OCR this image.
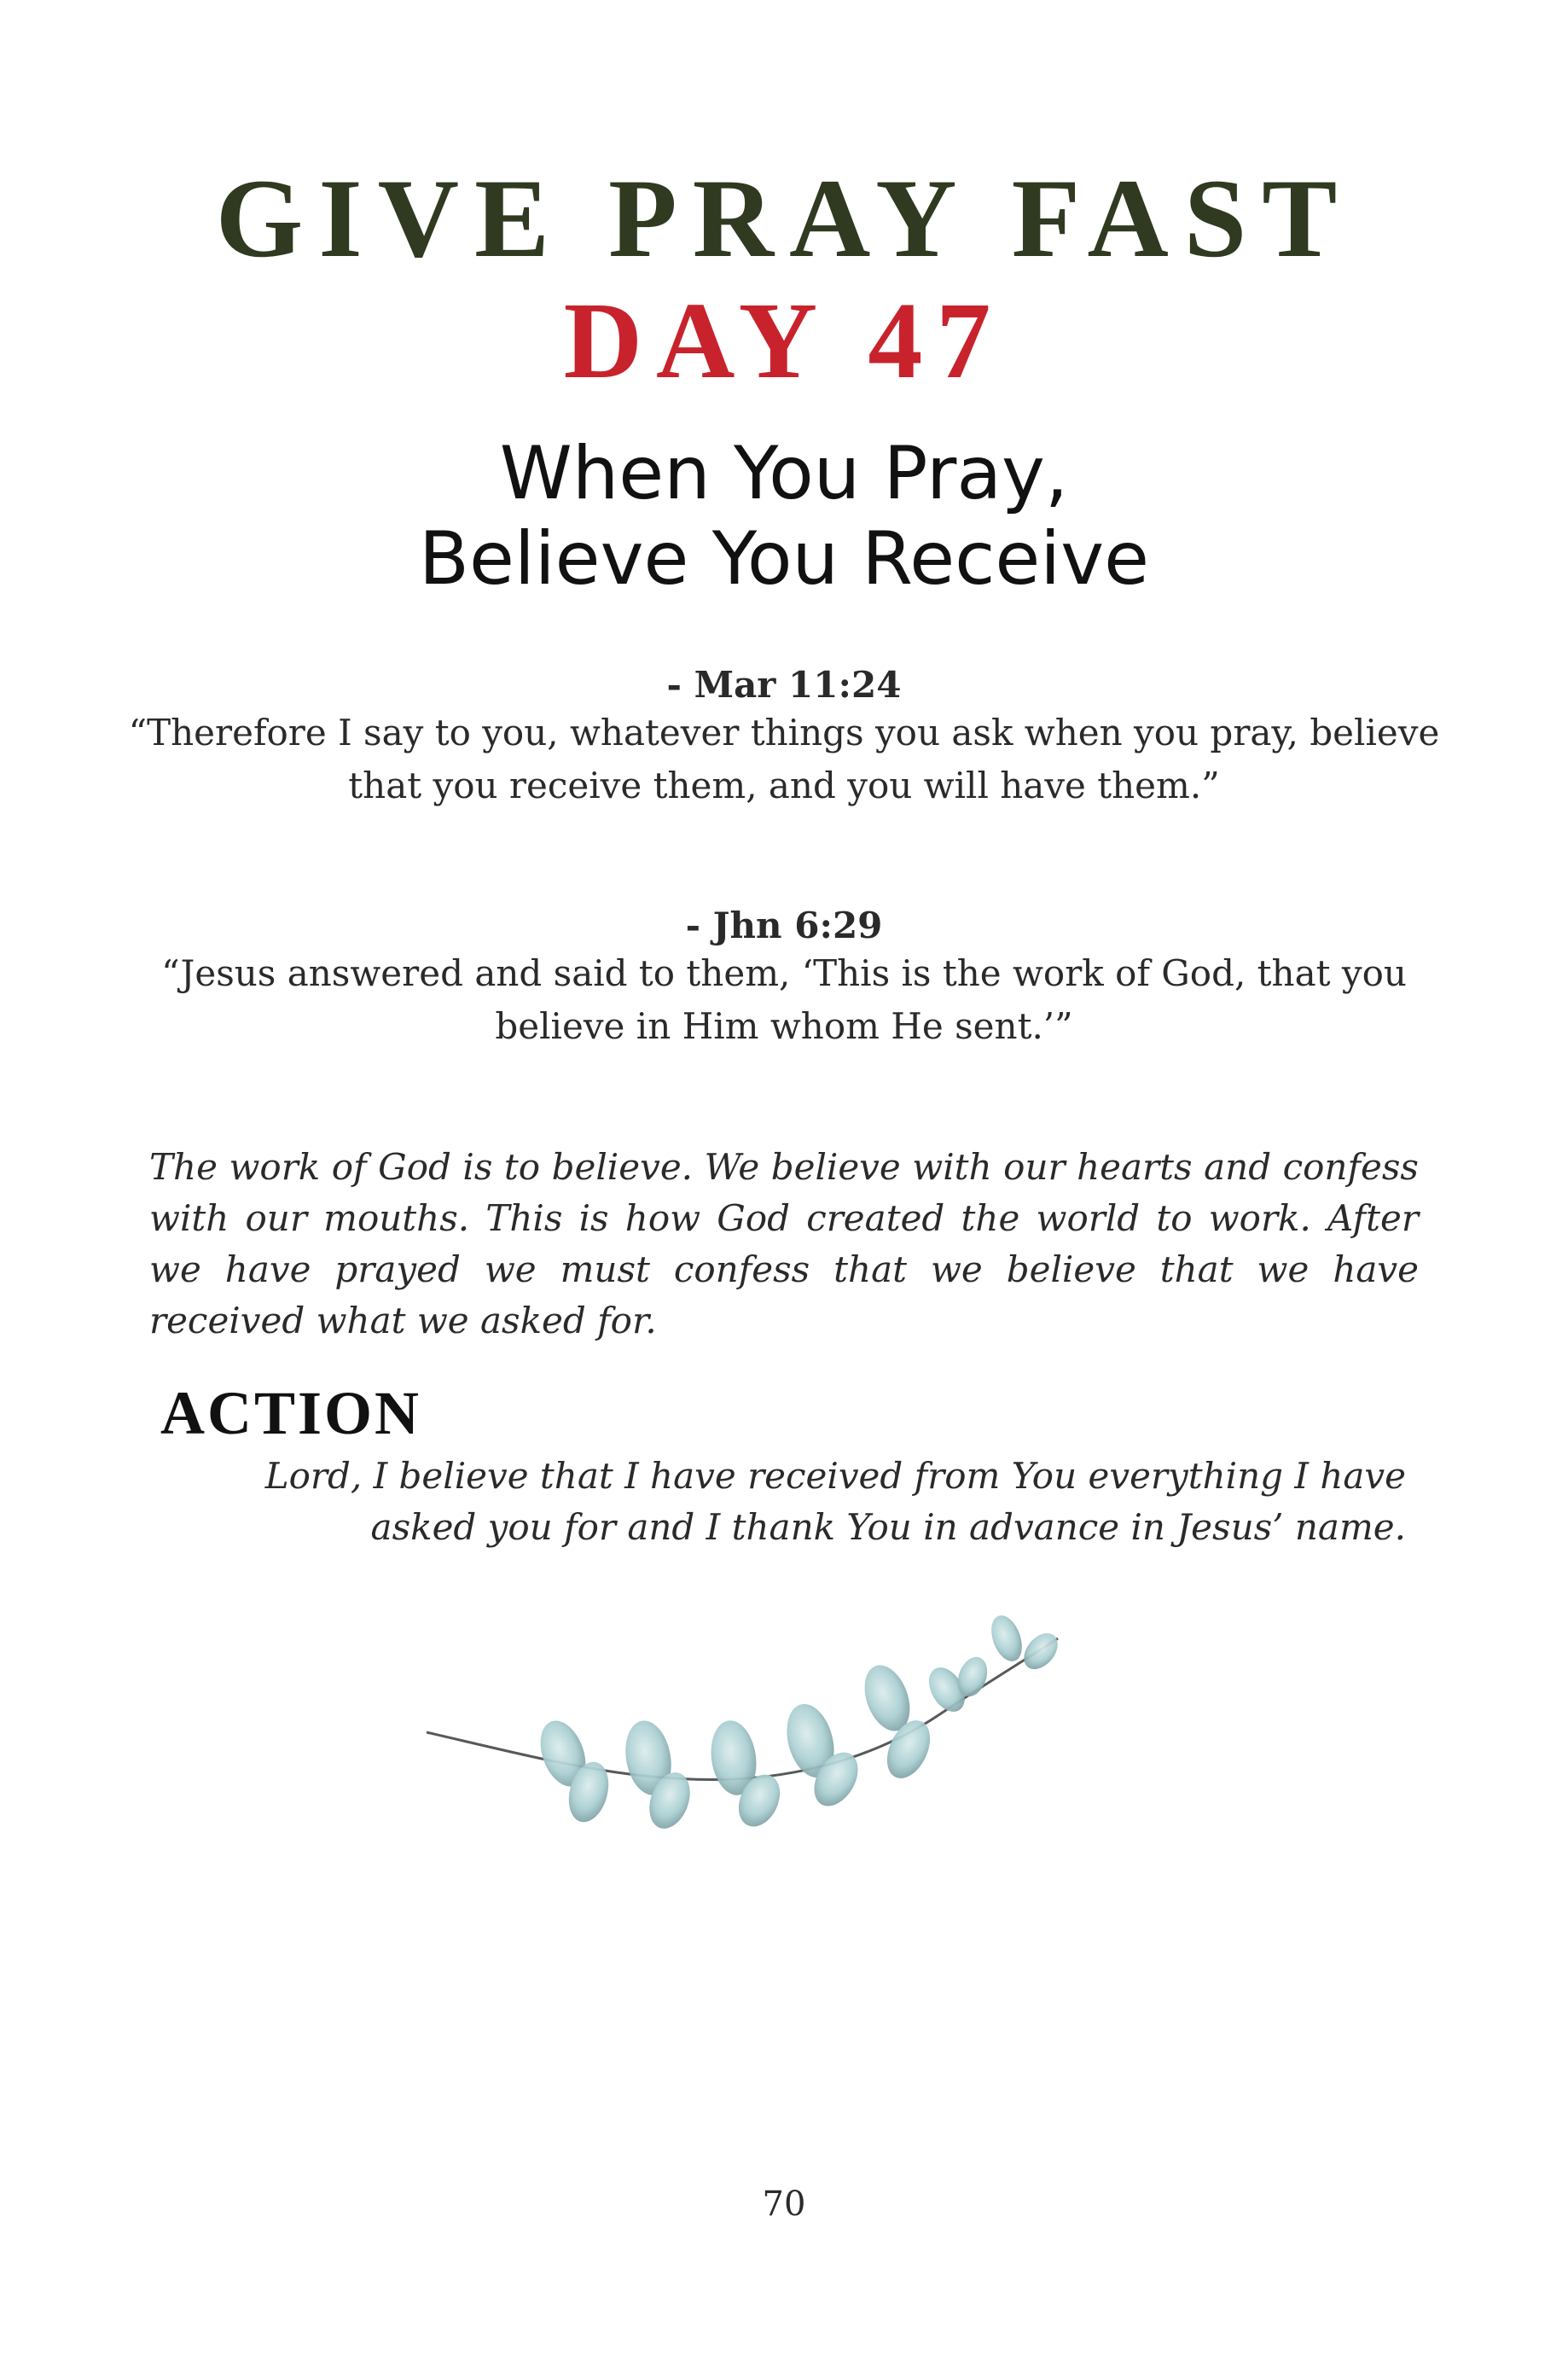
GIVE PRAY FAST
DAY 47
When You Pray,
Believe You Receive
- Mar 11:24
“Therefore I say to you, whatever things you ask when you pray, believe that you receive them, and you will have them.”
- Jhn 6:29
“Jesus answered and said to them, ‘This is the work of God, that you believe in Him whom He sent.’”
The work of God is to believe. We believe with our hearts and confess with our mouths. This is how God created the world to work. After we have prayed we must confess that we believe that we have received what we asked for.
ACTION
Lord, I believe that I have received from You everything I have asked you for and I thank You in advance in Jesus’ name.
70
